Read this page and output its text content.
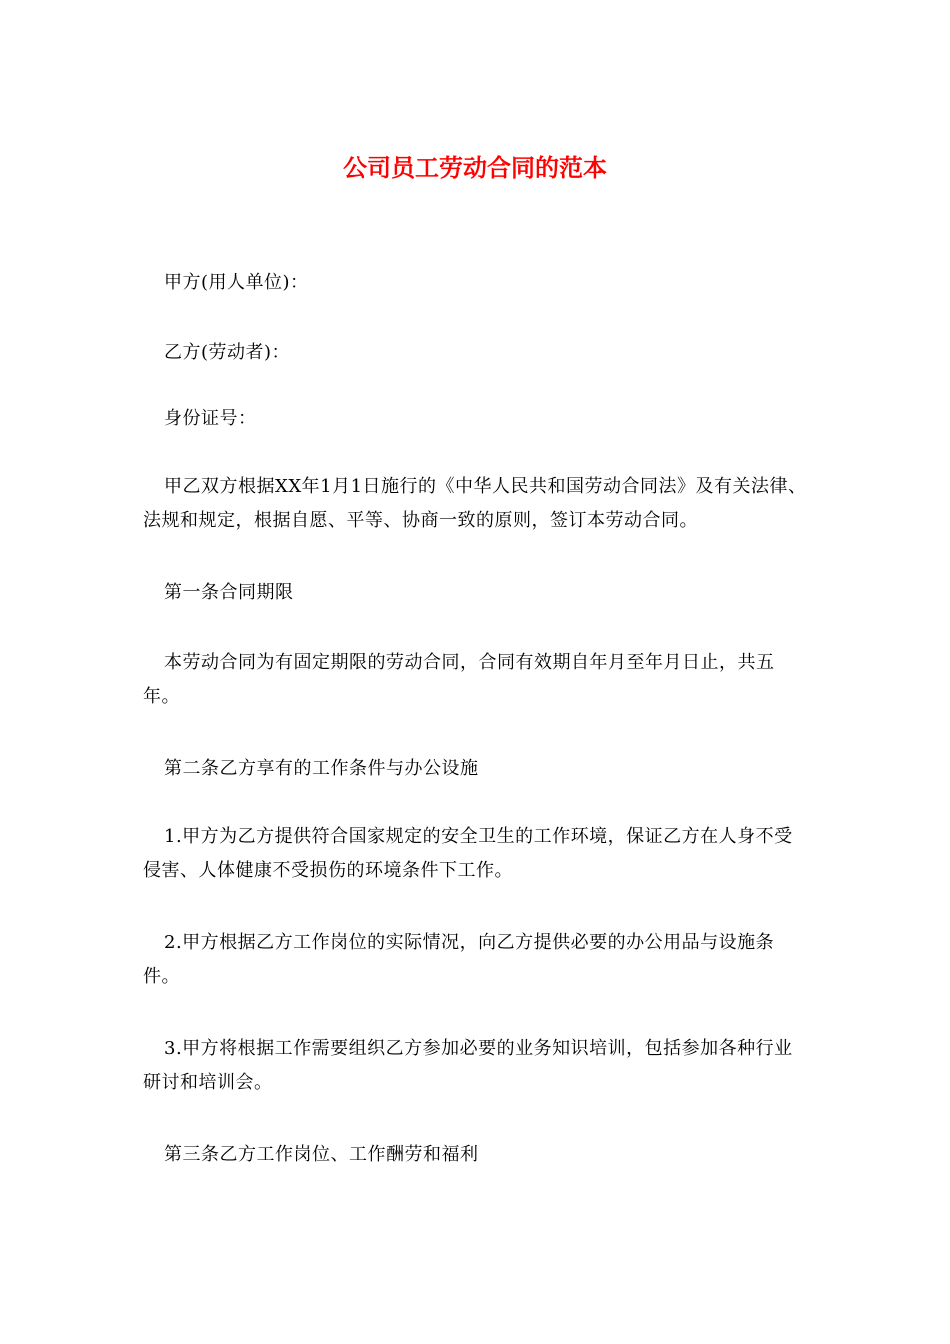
公司员工劳动合同的范本

甲方(用人单位)：

乙方(劳动者)：

身份证号：

甲乙双方根据XX年1月1日施行的《中华人民共和国劳动合同法》及有关法律、法规和规定，根据自愿、平等、协商一致的原则，签订本劳动合同。

第一条合同期限

本劳动合同为有固定期限的劳动合同，合同有效期自年月至年月日止，共五年。

第二条乙方享有的工作条件与办公设施

1.甲方为乙方提供符合国家规定的安全卫生的工作环境，保证乙方在人身不受侵害、人体健康不受损伤的环境条件下工作。

2.甲方根据乙方工作岗位的实际情况，向乙方提供必要的办公用品与设施条件。

3.甲方将根据工作需要组织乙方参加必要的业务知识培训，包括参加各种行业研讨和培训会。

第三条乙方工作岗位、工作酬劳和福利
